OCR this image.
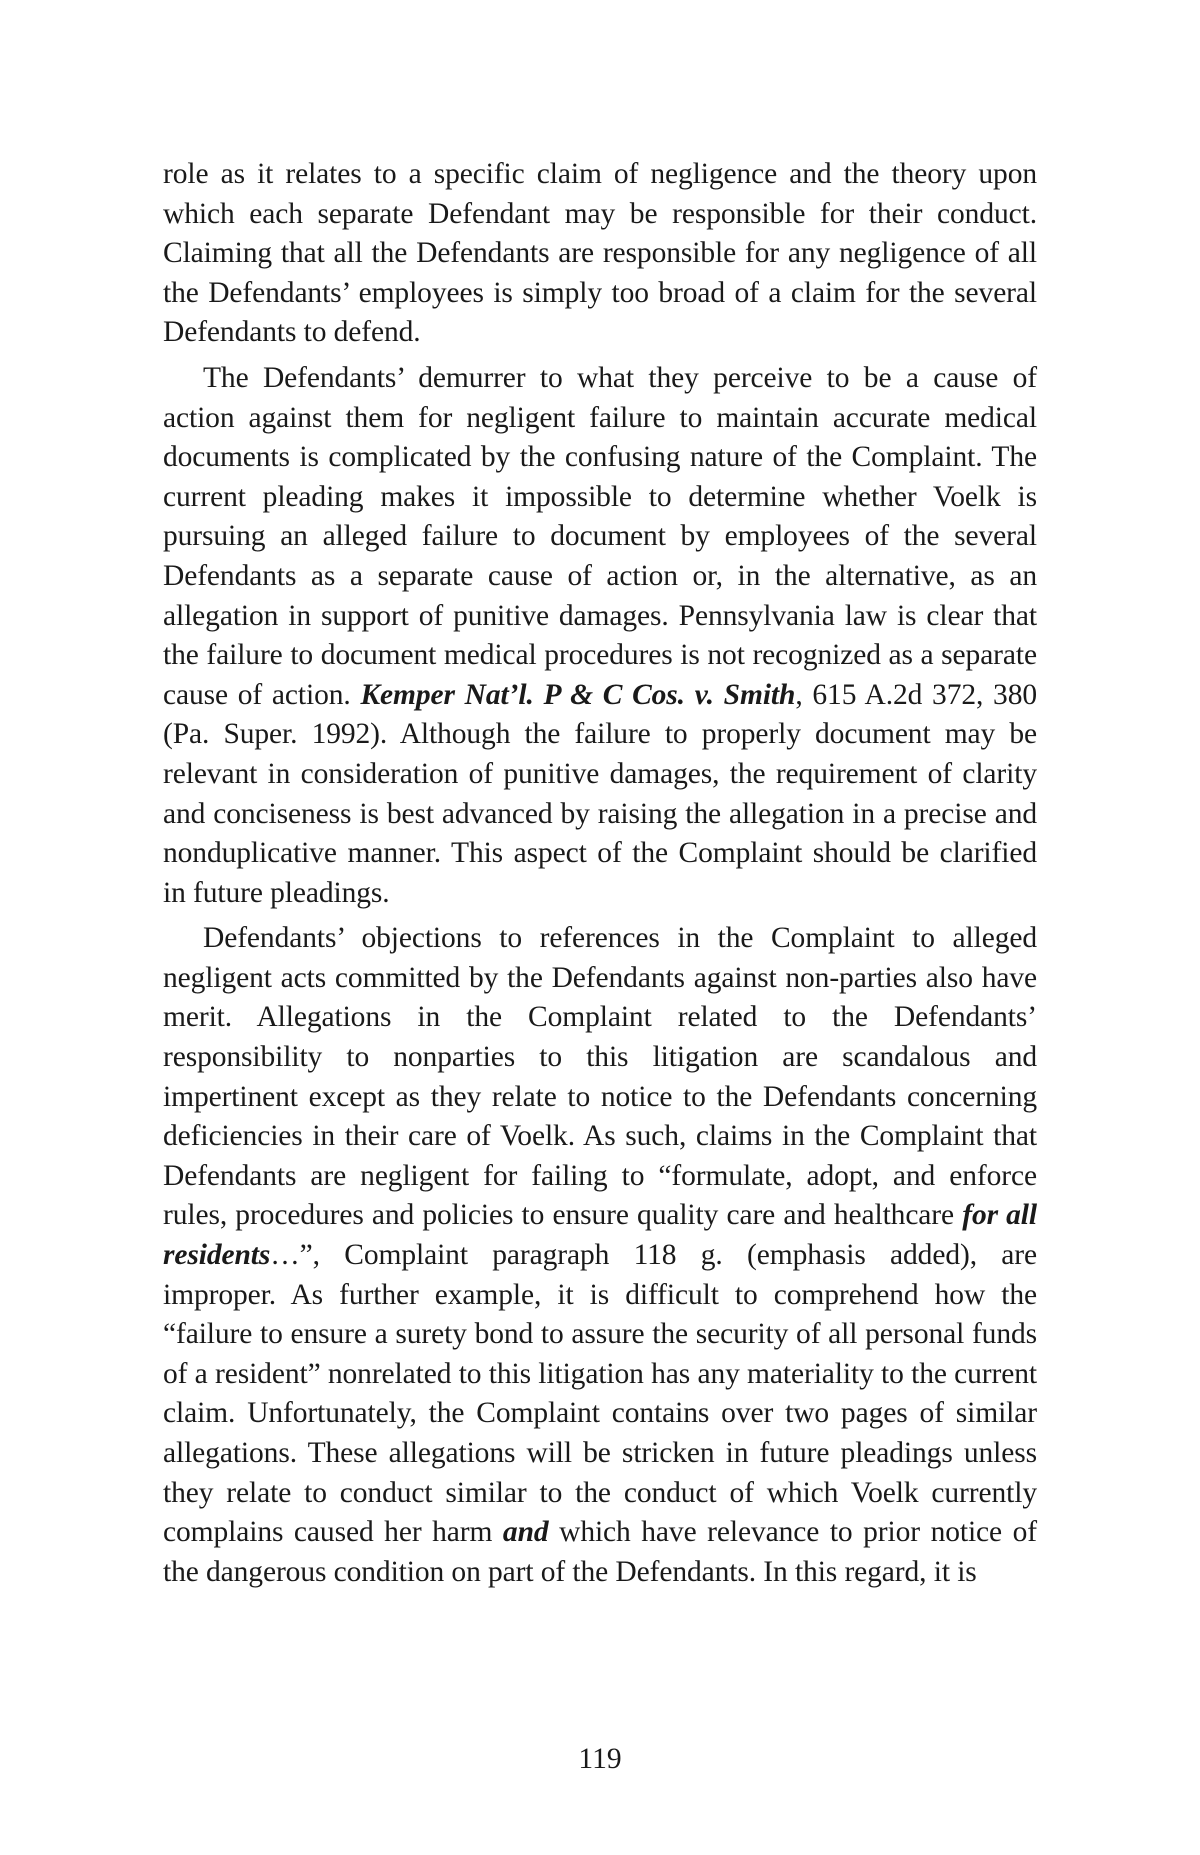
role as it relates to a specific claim of negligence and the theory upon which each separate Defendant may be responsible for their conduct. Claiming that all the Defendants are responsible for any negligence of all the Defendants’ employees is simply too broad of a claim for the several Defendants to defend.

The Defendants’ demurrer to what they perceive to be a cause of action against them for negligent failure to maintain accurate medical documents is complicated by the confusing nature of the Complaint. The current pleading makes it impossible to determine whether Voelk is pursuing an alleged failure to document by employees of the several Defendants as a separate cause of action or, in the alternative, as an allegation in support of punitive damages. Pennsylvania law is clear that the failure to document medical procedures is not recognized as a separate cause of action. Kemper Nat’l. P & C Cos. v. Smith, 615 A.2d 372, 380 (Pa. Super. 1992). Although the failure to properly document may be relevant in consideration of punitive damages, the requirement of clarity and conciseness is best advanced by raising the allegation in a precise and nonduplicative manner. This aspect of the Complaint should be clarified in future pleadings.

Defendants’ objections to references in the Complaint to alleged negligent acts committed by the Defendants against non-parties also have merit. Allegations in the Complaint related to the Defendants’ responsibility to nonparties to this litigation are scandalous and impertinent except as they relate to notice to the Defendants concerning deficiencies in their care of Voelk. As such, claims in the Complaint that Defendants are negligent for failing to “formulate, adopt, and enforce rules, procedures and policies to ensure quality care and healthcare for all residents…”, Complaint paragraph 118 g. (emphasis added), are improper. As further example, it is difficult to comprehend how the “failure to ensure a surety bond to assure the security of all personal funds of a resident” nonrelated to this litigation has any materiality to the current claim. Unfortunately, the Complaint contains over two pages of similar allegations. These allegations will be stricken in future pleadings unless they relate to conduct similar to the conduct of which Voelk currently complains caused her harm and which have relevance to prior notice of the dangerous condition on part of the Defendants. In this regard, it is

119
